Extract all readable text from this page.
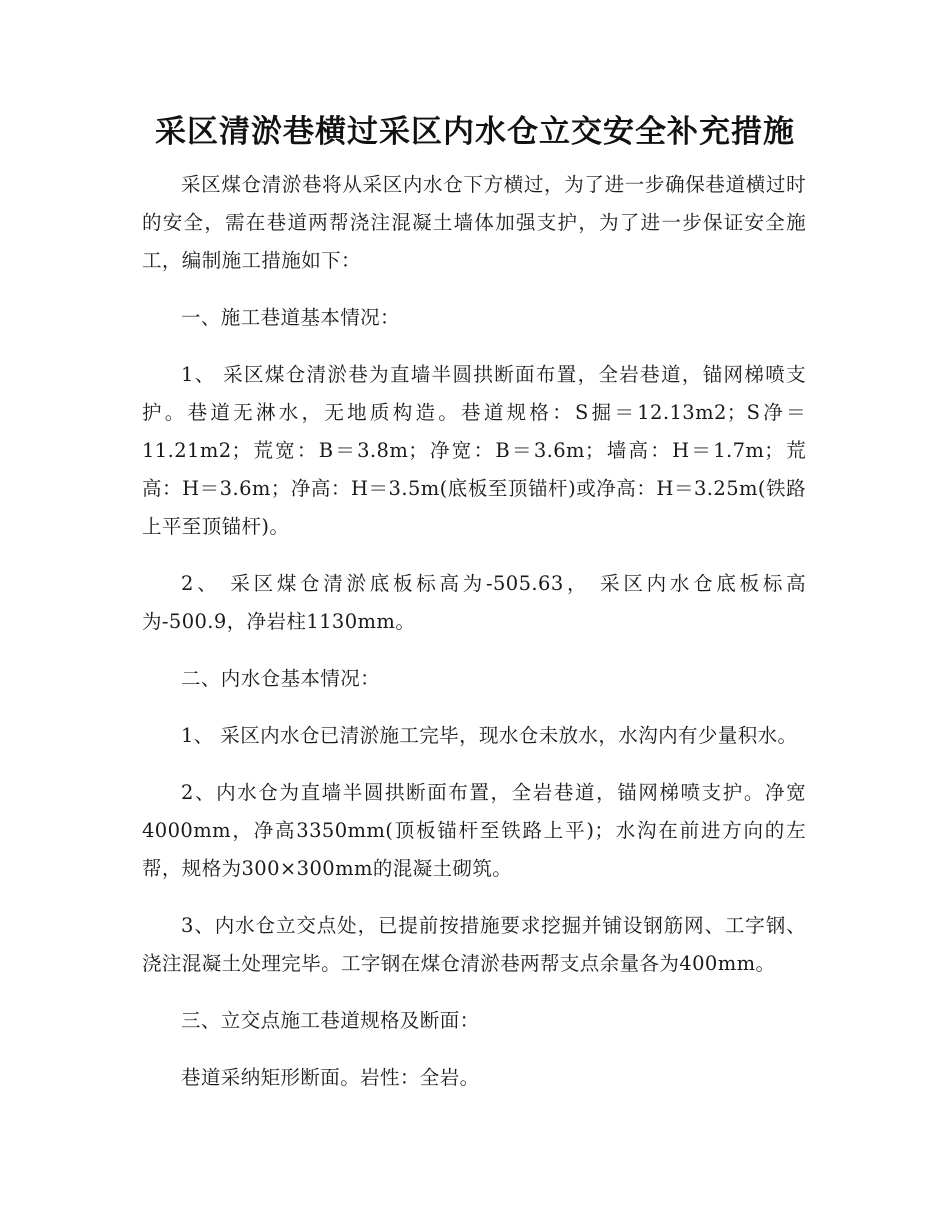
采区清淤巷横过采区内水仓立交安全补充措施

采区煤仓清淤巷将从采区内水仓下方横过，为了进一步确保巷道横过时的安全，需在巷道两帮浇注混凝土墙体加强支护，为了进一步保证安全施工，编制施工措施如下：

一、施工巷道基本情况：

1、 采区煤仓清淤巷为直墙半圆拱断面布置，全岩巷道，锚网梯喷支护。巷道无淋水，无地质构造。巷道规格：S掘＝12.13m2；S净＝11.21m2；荒宽：B＝3.8m；净宽：B＝3.6m；墙高：H＝1.7m；荒高：H＝3.6m；净高：H＝3.5m(底板至顶锚杆)或净高：H＝3.25m(铁路上平至顶锚杆)。

2、 采区煤仓清淤底板标高为-505.63， 采区内水仓底板标高为-500.9，净岩柱1130mm。

二、内水仓基本情况：

1、 采区内水仓已清淤施工完毕，现水仓未放水，水沟内有少量积水。

2、内水仓为直墙半圆拱断面布置，全岩巷道，锚网梯喷支护。净宽4000mm，净高3350mm(顶板锚杆至铁路上平)；水沟在前进方向的左帮，规格为300×300mm的混凝土砌筑。

3、内水仓立交点处，已提前按措施要求挖掘并铺设钢筋网、工字钢、浇注混凝土处理完毕。工字钢在煤仓清淤巷两帮支点余量各为400mm。

三、立交点施工巷道规格及断面：

巷道采纳矩形断面。岩性：全岩。
